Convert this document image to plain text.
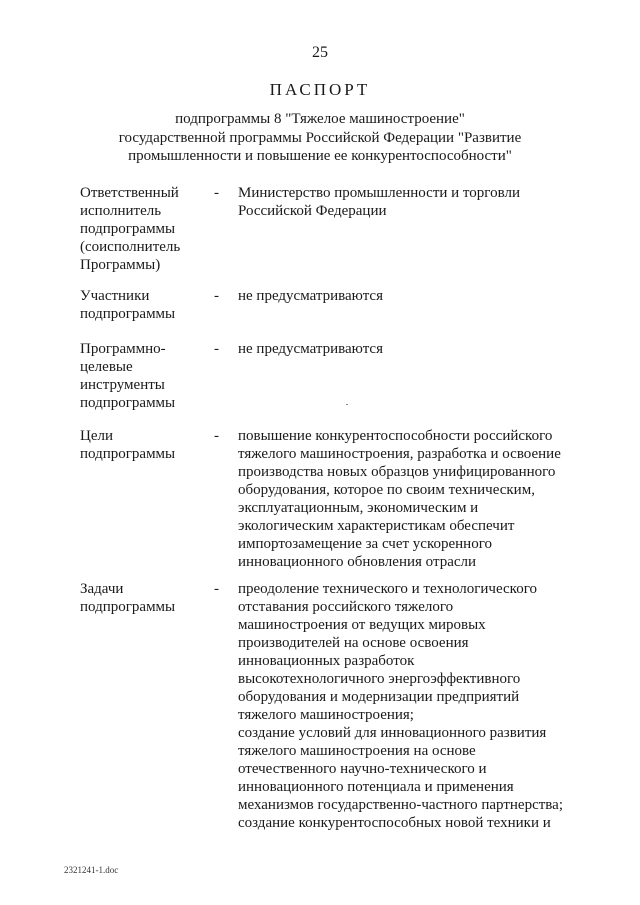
25
ПАСПОРТ
подпрограммы 8 "Тяжелое машиностроение"
государственной программы Российской Федерации "Развитие
промышленности и повышение ее конкурентоспособности"
Ответственный
исполнитель
подпрограммы
(соисполнитель
Программы)
- Министерство промышленности и торговли
Российской Федерации
Участники
подпрограммы
- не предусматриваются
Программно-
целевые
инструменты
подпрограммы
- не предусматриваются
Цели
подпрограммы
- повышение конкурентоспособности российского
тяжелого машиностроения, разработка и освоение
производства новых образцов унифицированного
оборудования, которое по своим техническим,
эксплуатационным, экономическим и
экологическим характеристикам обеспечит
импортозамещение за счет ускоренного
инновационного обновления отрасли
Задачи
подпрограммы
- преодоление технического и технологического
отставания российского тяжелого
машиностроения от ведущих мировых
производителей на основе освоения
инновационных разработок
высокотехнологичного энергоэффективного
оборудования и модернизации предприятий
тяжелого машиностроения;
создание условий для инновационного развития
тяжелого машиностроения на основе
отечественного научно-технического и
инновационного потенциала и применения
механизмов государственно-частного партнерства;
создание конкурентоспособных новой техники и
2321241-1.doc
